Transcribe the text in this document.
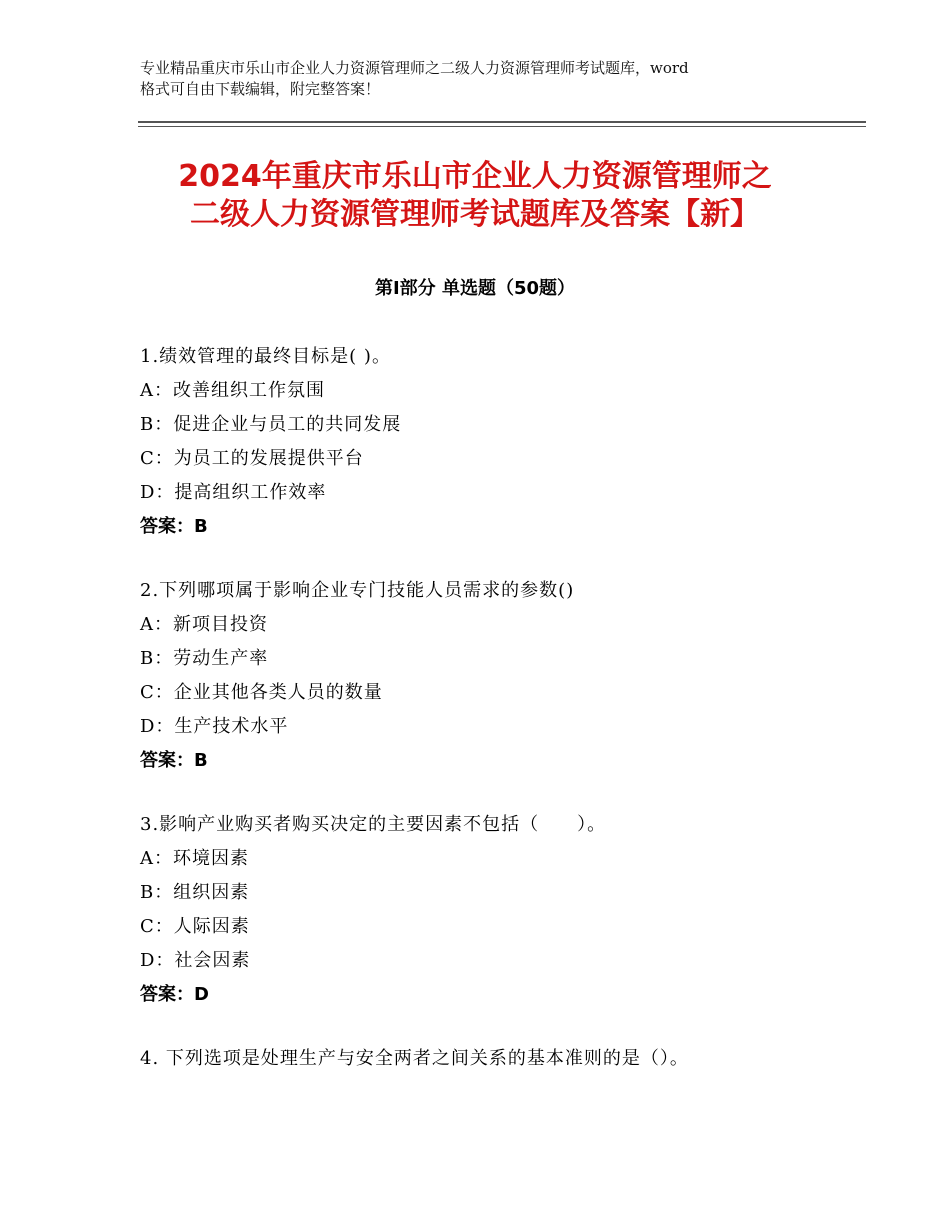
专业精品重庆市乐山市企业人力资源管理师之二级人力资源管理师考试题库，word
格式可自由下载编辑，附完整答案！
2024年重庆市乐山市企业人力资源管理师之
二级人力资源管理师考试题库及答案【新】
第Ⅰ部分 单选题（50题）
1.绩效管理的最终目标是( )。
A：改善组织工作氛围
B：促进企业与员工的共同发展
C：为员工的发展提供平台
D：提高组织工作效率
答案：B
2.下列哪项属于影响企业专门技能人员需求的参数()
A：新项目投资
B：劳动生产率
C：企业其他各类人员的数量
D：生产技术水平
答案：B
3.影响产业购买者购买决定的主要因素不包括（　　）。
A：环境因素
B：组织因素
C：人际因素
D：社会因素
答案：D
4. 下列选项是处理生产与安全两者之间关系的基本准则的是（）。
